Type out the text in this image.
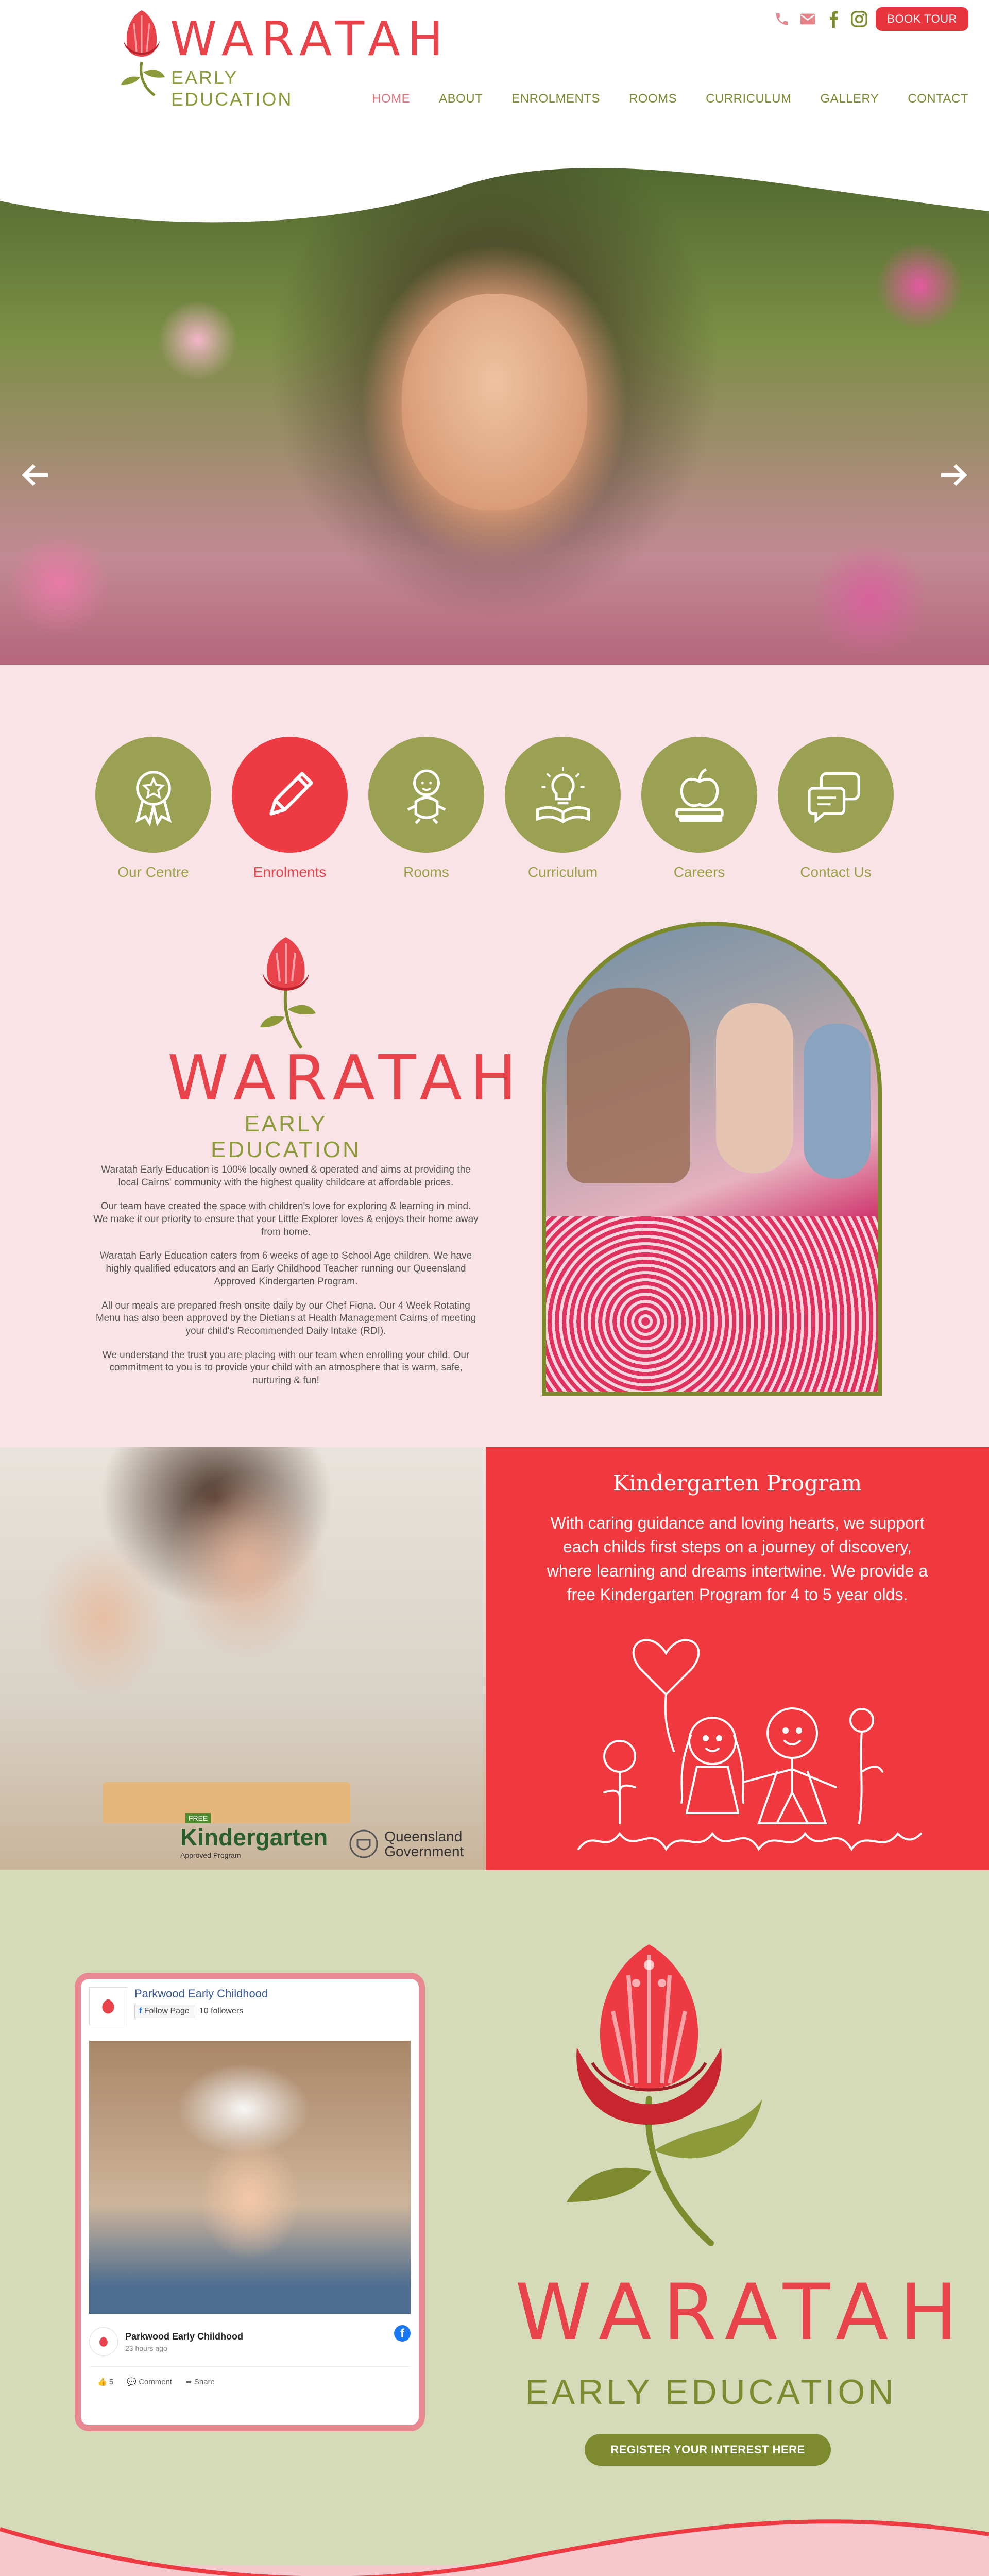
WARATAH
EARLY EDUCATION
BOOK TOUR
HOME	ABOUT	ENROLMENTS	ROOMS	CURRICULUM	GALLERY	CONTACT
Our Centre	Enrolments	Rooms	Curriculum	Careers	Contact Us
WARATAH
EARLY EDUCATION

Waratah Early Education is 100% locally owned & operated and aims at providing the local Cairns' community with the highest quality childcare at affordable prices.

Our team have created the space with children's love for exploring & learning in mind. We make it our priority to ensure that your Little Explorer loves & enjoys their home away from home.

Waratah Early Education caters from 6 weeks of age to School Age children. We have highly qualified educators and an Early Childhood Teacher running our Queensland Approved Kindergarten Program.

All our meals are prepared fresh onsite daily by our Chef Fiona. Our 4 Week Rotating Menu has also been approved by the Dietians at Health Management Cairns of meeting your child's Recommended Daily Intake (RDI).

We understand the trust you are placing with our team when enrolling your child. Our commitment to you is to provide your child with an atmosphere that is warm, safe, nurturing & fun!

FREE
Kindergarten
Approved Program
Queensland
Government
Kindergarten Program

With caring guidance and loving hearts, we support each childs first steps on a journey of discovery, where learning and dreams intertwine. We provide a free Kindergarten Program for 4 to 5 year olds.

Parkwood Early Childhood
f Follow Page	10 followers
Parkwood Early Childhood
23 hours ago
f
👍 5 💬 Comment ➦ Share
WARATAH
EARLY EDUCATION
REGISTER YOUR INTEREST HERE
